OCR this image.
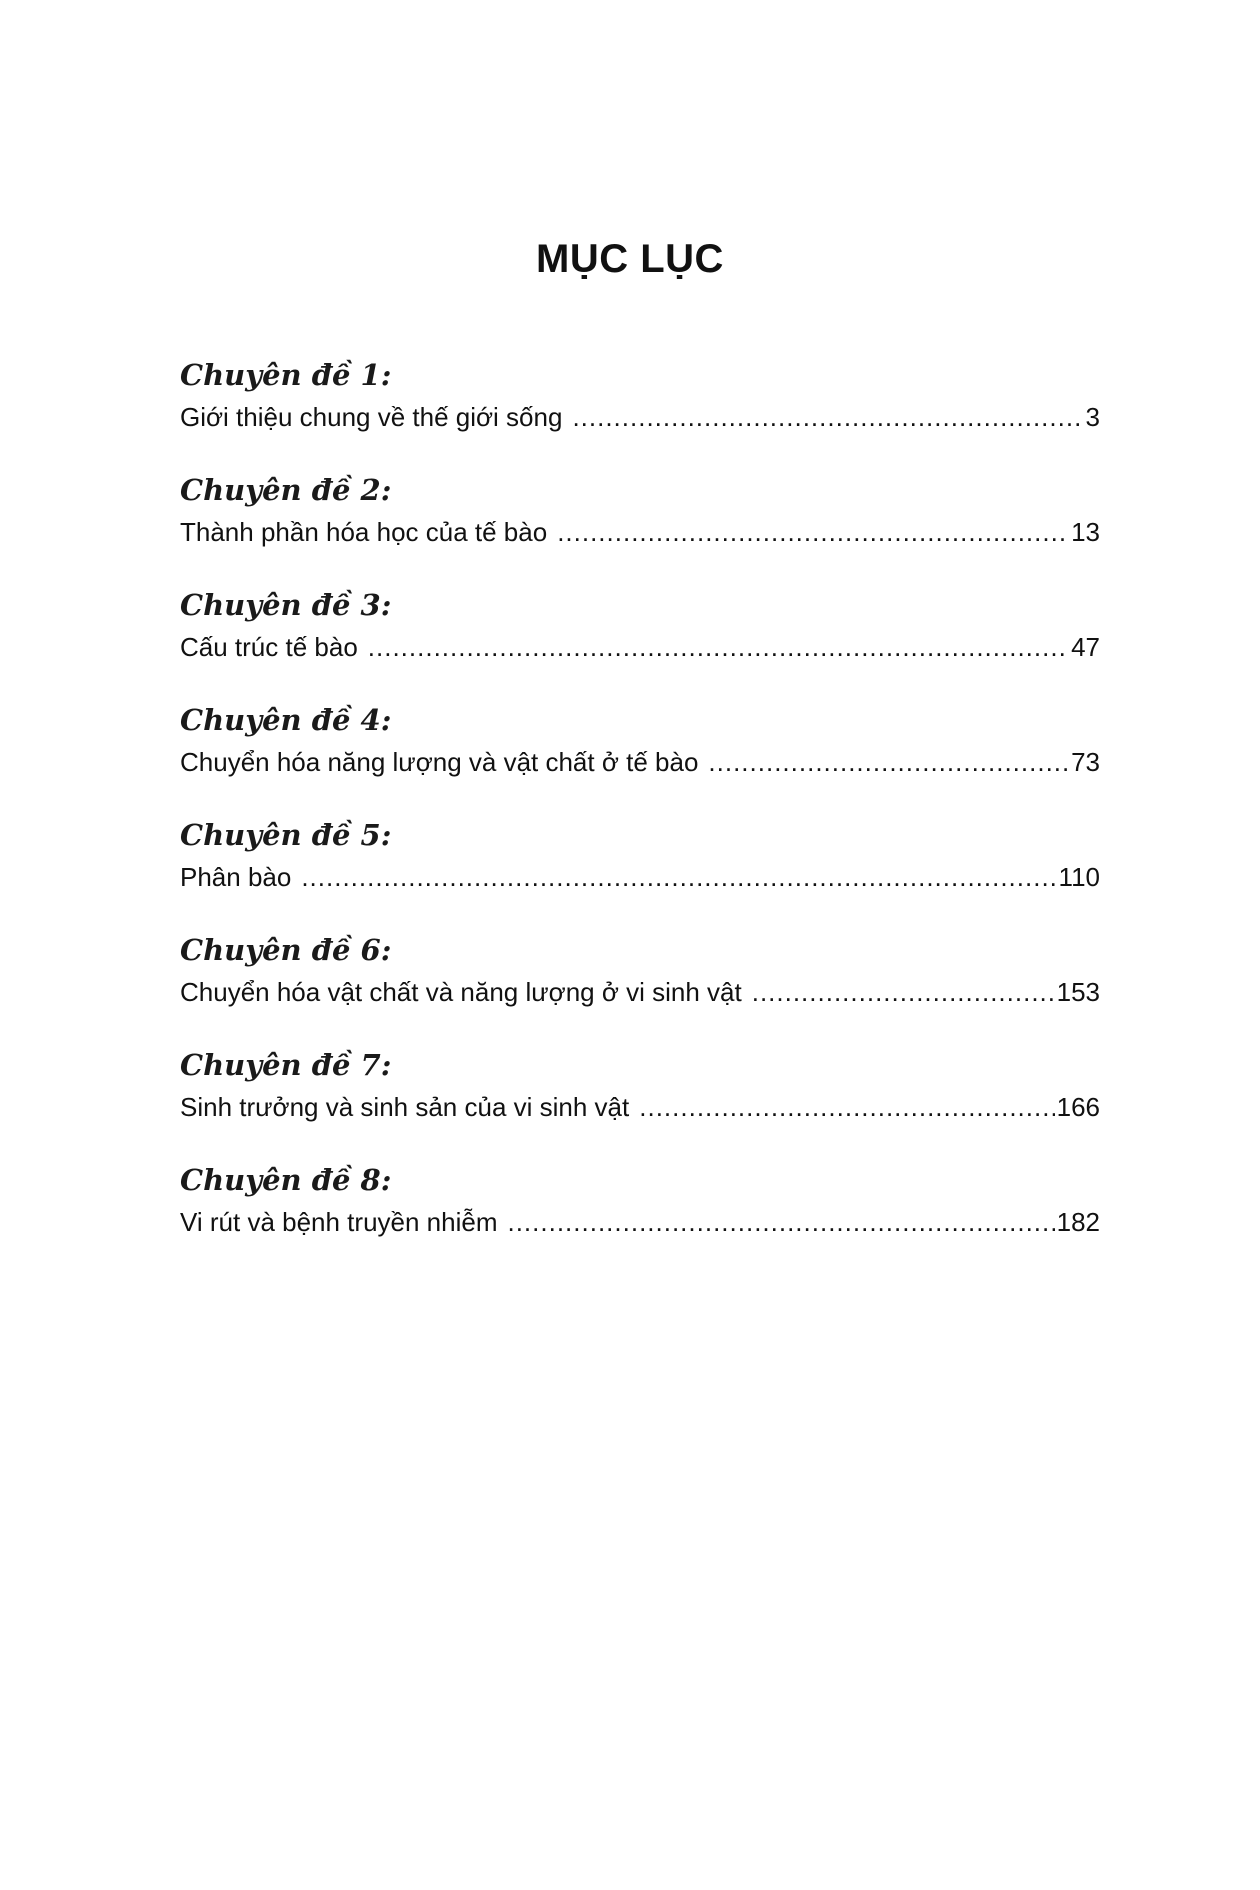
MỤC LỤC
Chuyên đề 1:
Giới thiệu chung về thế giới sống .....	3
Chuyên đề 2:
Thành phần hóa học của tế bào .....	13
Chuyên đề 3:
Cấu trúc tế bào .....	47
Chuyên đề 4:
Chuyển hóa năng lượng và vật chất ở tế bào .....	73
Chuyên đề 5:
Phân bào .....	110
Chuyên đề 6:
Chuyển hóa vật chất và năng lượng ở vi sinh vật .....	153
Chuyên đề 7:
Sinh trưởng và sinh sản của vi sinh vật .....	166
Chuyên đề 8:
Vi rút và bệnh truyền nhiễm .....	182
